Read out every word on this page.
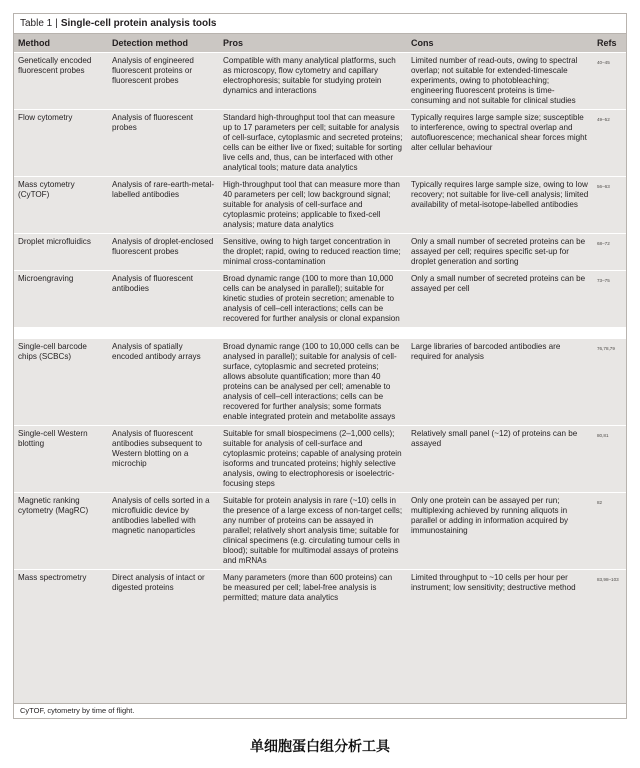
Table 1 | Single-cell protein analysis tools
Method	Detection method	Pros	Cons	Refs
Genetically encoded fluorescent probes	Analysis of engineered fluorescent proteins or fluorescent probes	Compatible with many analytical platforms, such as microscopy, flow cytometry and capillary electrophoresis; suitable for studying protein dynamics and interactions	Limited number of read-outs, owing to spectral overlap; not suitable for extended-timescale experiments, owing to photobleaching; engineering fluorescent proteins is time-consuming and not suitable for clinical studies	40–45
Flow cytometry	Analysis of fluorescent probes	Standard high-throughput tool that can measure up to 17 parameters per cell; suitable for analysis of cell-surface, cytoplasmic and secreted proteins; cells can be either live or fixed; suitable for sorting live cells and, thus, can be interfaced with other analytical tools; mature data analytics	Typically requires large sample size; susceptible to interference, owing to spectral overlap and autofluorescence; mechanical shear forces might alter cellular behaviour	49–52
Mass cytometry (CyTOF)	Analysis of rare-earth-metal-labelled antibodies	High-throughput tool that can measure more than 40 parameters per cell; low background signal; suitable for analysis of cell-surface and cytoplasmic proteins; applicable to fixed-cell analysis; mature data analytics	Typically requires large sample size, owing to low recovery; not suitable for live-cell analysis; limited availability of metal-isotope-labelled antibodies	56–63
Droplet microfluidics	Analysis of droplet-enclosed fluorescent probes	Sensitive, owing to high target concentration in the droplet; rapid, owing to reduced reaction time; minimal cross-contamination	Only a small number of secreted proteins can be assayed per cell; requires specific set-up for droplet generation and sorting	68–72
Microengraving	Analysis of fluorescent antibodies	Broad dynamic range (100 to more than 10,000 cells can be analysed in parallel); suitable for kinetic studies of protein secretion; amenable to analysis of cell–cell interactions; cells can be recovered for further analysis or clonal expansion	Only a small number of secreted proteins can be assayed per cell	73–75

Single-cell barcode chips (SCBCs)	Analysis of spatially encoded antibody arrays	Broad dynamic range (100 to 10,000 cells can be analysed in parallel); suitable for analysis of cell-surface, cytoplasmic and secreted proteins; allows absolute quantification; more than 40 proteins can be analysed per cell; amenable to analysis of cell–cell interactions; cells can be recovered for further analysis; some formats enable integrated protein and metabolite assays	Large libraries of barcoded antibodies are required for analysis	76,78,79
Single-cell Western blotting	Analysis of fluorescent antibodies subsequent to Western blotting on a microchip	Suitable for small biospecimens (2–1,000 cells); suitable for analysis of cell-surface and cytoplasmic proteins; capable of analysing protein isoforms and truncated proteins; highly selective analysis, owing to electrophoresis or isoelectric-focusing steps	Relatively small panel (~12) of proteins can be assayed	80,81
Magnetic ranking cytometry (MagRC)	Analysis of cells sorted in a microfluidic device by antibodies labelled with magnetic nanoparticles	Suitable for protein analysis in rare (~10) cells in the presence of a large excess of non-target cells; any number of proteins can be assayed in parallel; relatively short analysis time; suitable for clinical specimens (e.g. circulating tumour cells in blood); suitable for multimodal assays of proteins and mRNAs	Only one protein can be assayed per run; multiplexing achieved by running aliquots in parallel or adding in information acquired by immunostaining	82
Mass spectrometry	Direct analysis of intact or digested proteins	Many parameters (more than 600 proteins) can be measured per cell; label-free analysis is permitted; mature data analytics	Limited throughput to ~10 cells per hour per instrument; low sensitivity; destructive method	83,98–103
CyTOF, cytometry by time of flight.
单细胞蛋白组分析工具
